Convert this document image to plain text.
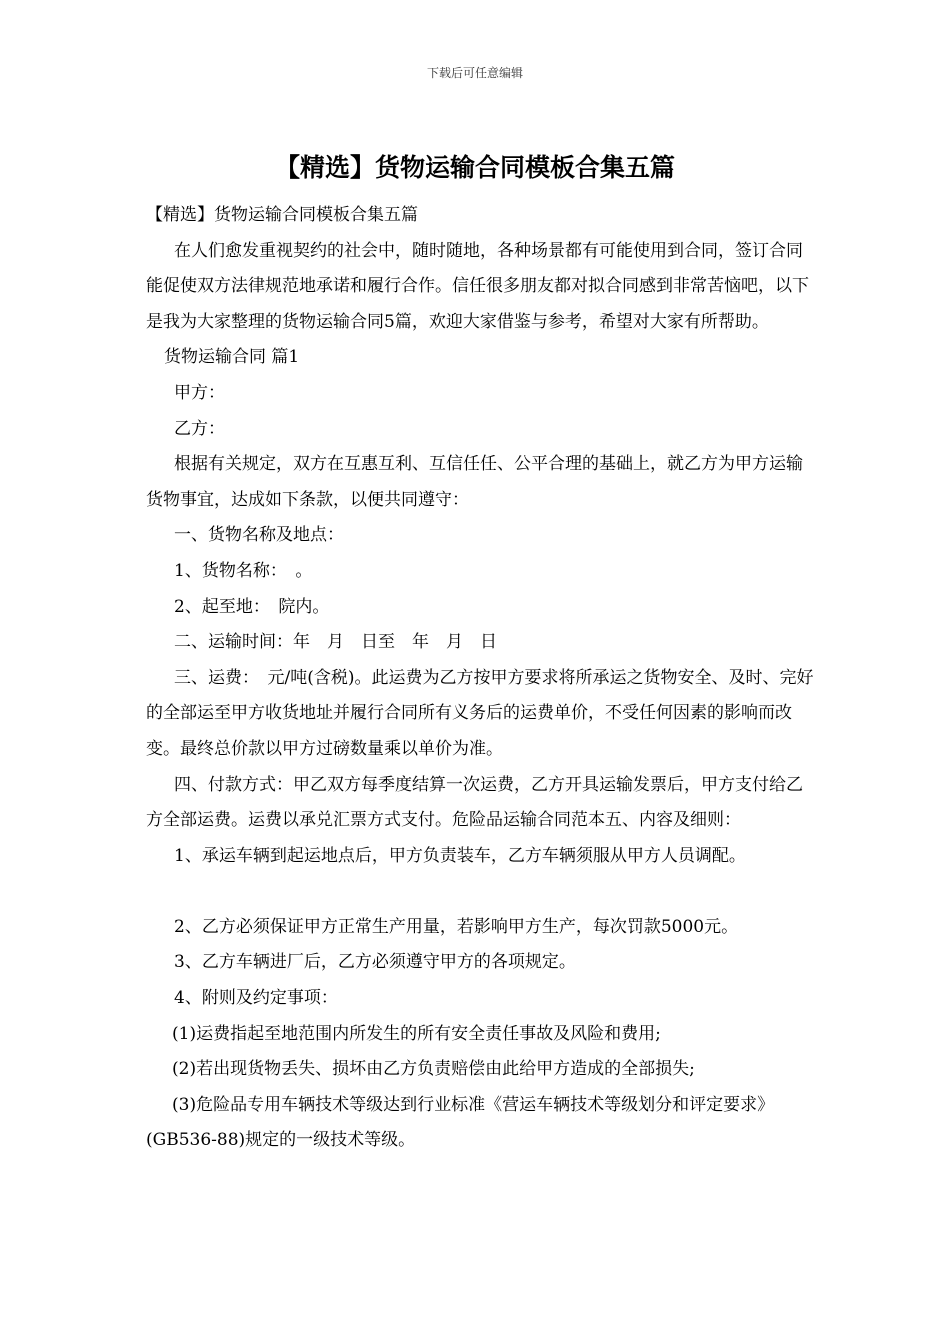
下载后可任意编辑
【精选】货物运输合同模板合集五篇

【精选】货物运输合同模板合集五篇

在人们愈发重视契约的社会中，随时随地，各种场景都有可能使用到合同，签订合同能促使双方法律规范地承诺和履行合作。信任很多朋友都对拟合同感到非常苦恼吧，以下是我为大家整理的货物运输合同5篇，欢迎大家借鉴与参考，希望对大家有所帮助。

货物运输合同 篇1

甲方：

乙方：

根据有关规定，双方在互惠互利、互信任任、公平合理的基础上，就乙方为甲方运输货物事宜，达成如下条款，以便共同遵守：

一、货物名称及地点：

1、货物名称：　。

2、起至地：　院内。

二、运输时间：年　月　日至　年　月　日

三、运费：　元/吨(含税)。此运费为乙方按甲方要求将所承运之货物安全、及时、完好的全部运至甲方收货地址并履行合同所有义务后的运费单价，不受任何因素的影响而改变。最终总价款以甲方过磅数量乘以单价为准。

四、付款方式：甲乙双方每季度结算一次运费，乙方开具运输发票后，甲方支付给乙方全部运费。运费以承兑汇票方式支付。危险品运输合同范本五、内容及细则：

1、承运车辆到起运地点后，甲方负责装车，乙方车辆须服从甲方人员调配。

2、乙方必须保证甲方正常生产用量，若影响甲方生产，每次罚款5000元。

3、乙方车辆进厂后，乙方必须遵守甲方的各项规定。

4、附则及约定事项：

(1)运费指起至地范围内所发生的所有安全责任事故及风险和费用;

(2)若出现货物丢失、损坏由乙方负责赔偿由此给甲方造成的全部损失;

(3)危险品专用车辆技术等级达到行业标准《营运车辆技术等级划分和评定要求》(GB536-88)规定的一级技术等级。
